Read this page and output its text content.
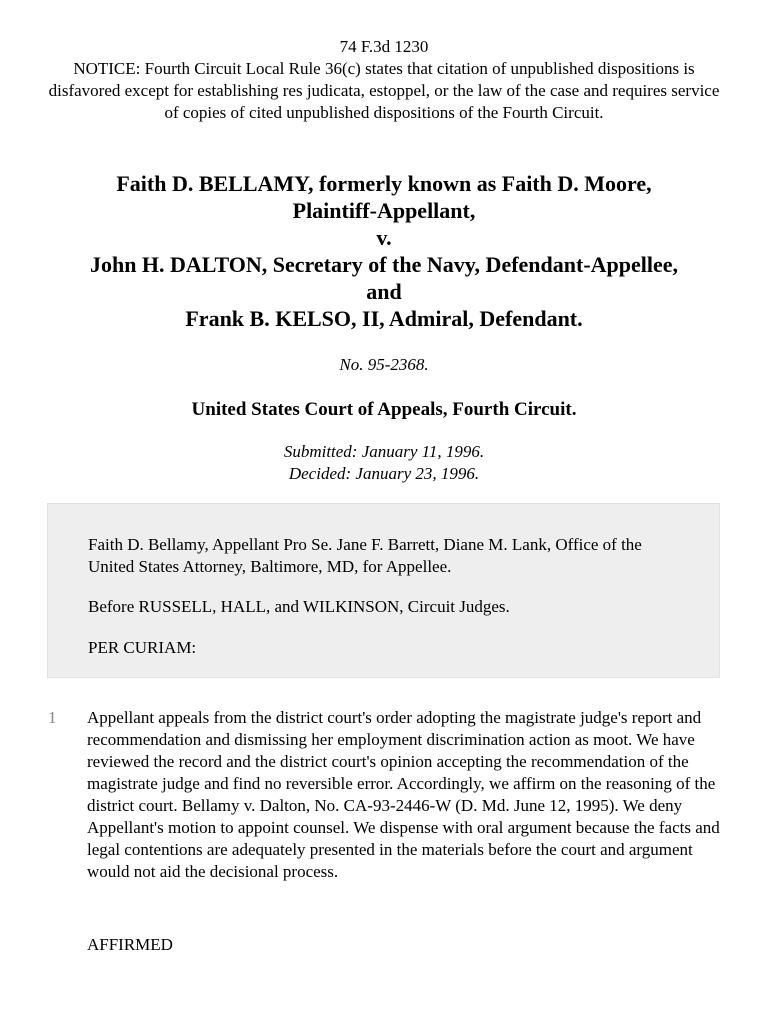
74 F.3d 1230
NOTICE: Fourth Circuit Local Rule 36(c) states that citation of unpublished dispositions is disfavored except for establishing res judicata, estoppel, or the law of the case and requires service of copies of cited unpublished dispositions of the Fourth Circuit.
Faith D. BELLAMY, formerly known as Faith D. Moore,
Plaintiff-Appellant,
v.
John H. DALTON, Secretary of the Navy, Defendant-Appellee,
and
Frank B. KELSO, II, Admiral, Defendant.
No. 95-2368.
United States Court of Appeals, Fourth Circuit.
Submitted: January 11, 1996.
Decided: January 23, 1996.

Faith D. Bellamy, Appellant Pro Se. Jane F. Barrett, Diane M. Lank, Office of the United States Attorney, Baltimore, MD, for Appellee.

Before RUSSELL, HALL, and WILKINSON, Circuit Judges.

PER CURIAM:

1 Appellant appeals from the district court's order adopting the magistrate judge's report and recommendation and dismissing her employment discrimination action as moot. We have reviewed the record and the district court's opinion accepting the recommendation of the magistrate judge and find no reversible error. Accordingly, we affirm on the reasoning of the district court. Bellamy v. Dalton, No. CA-93-2446-W (D. Md. June 12, 1995). We deny Appellant's motion to appoint counsel. We dispense with oral argument because the facts and legal contentions are adequately presented in the materials before the court and argument would not aid the decisional process.
AFFIRMED
